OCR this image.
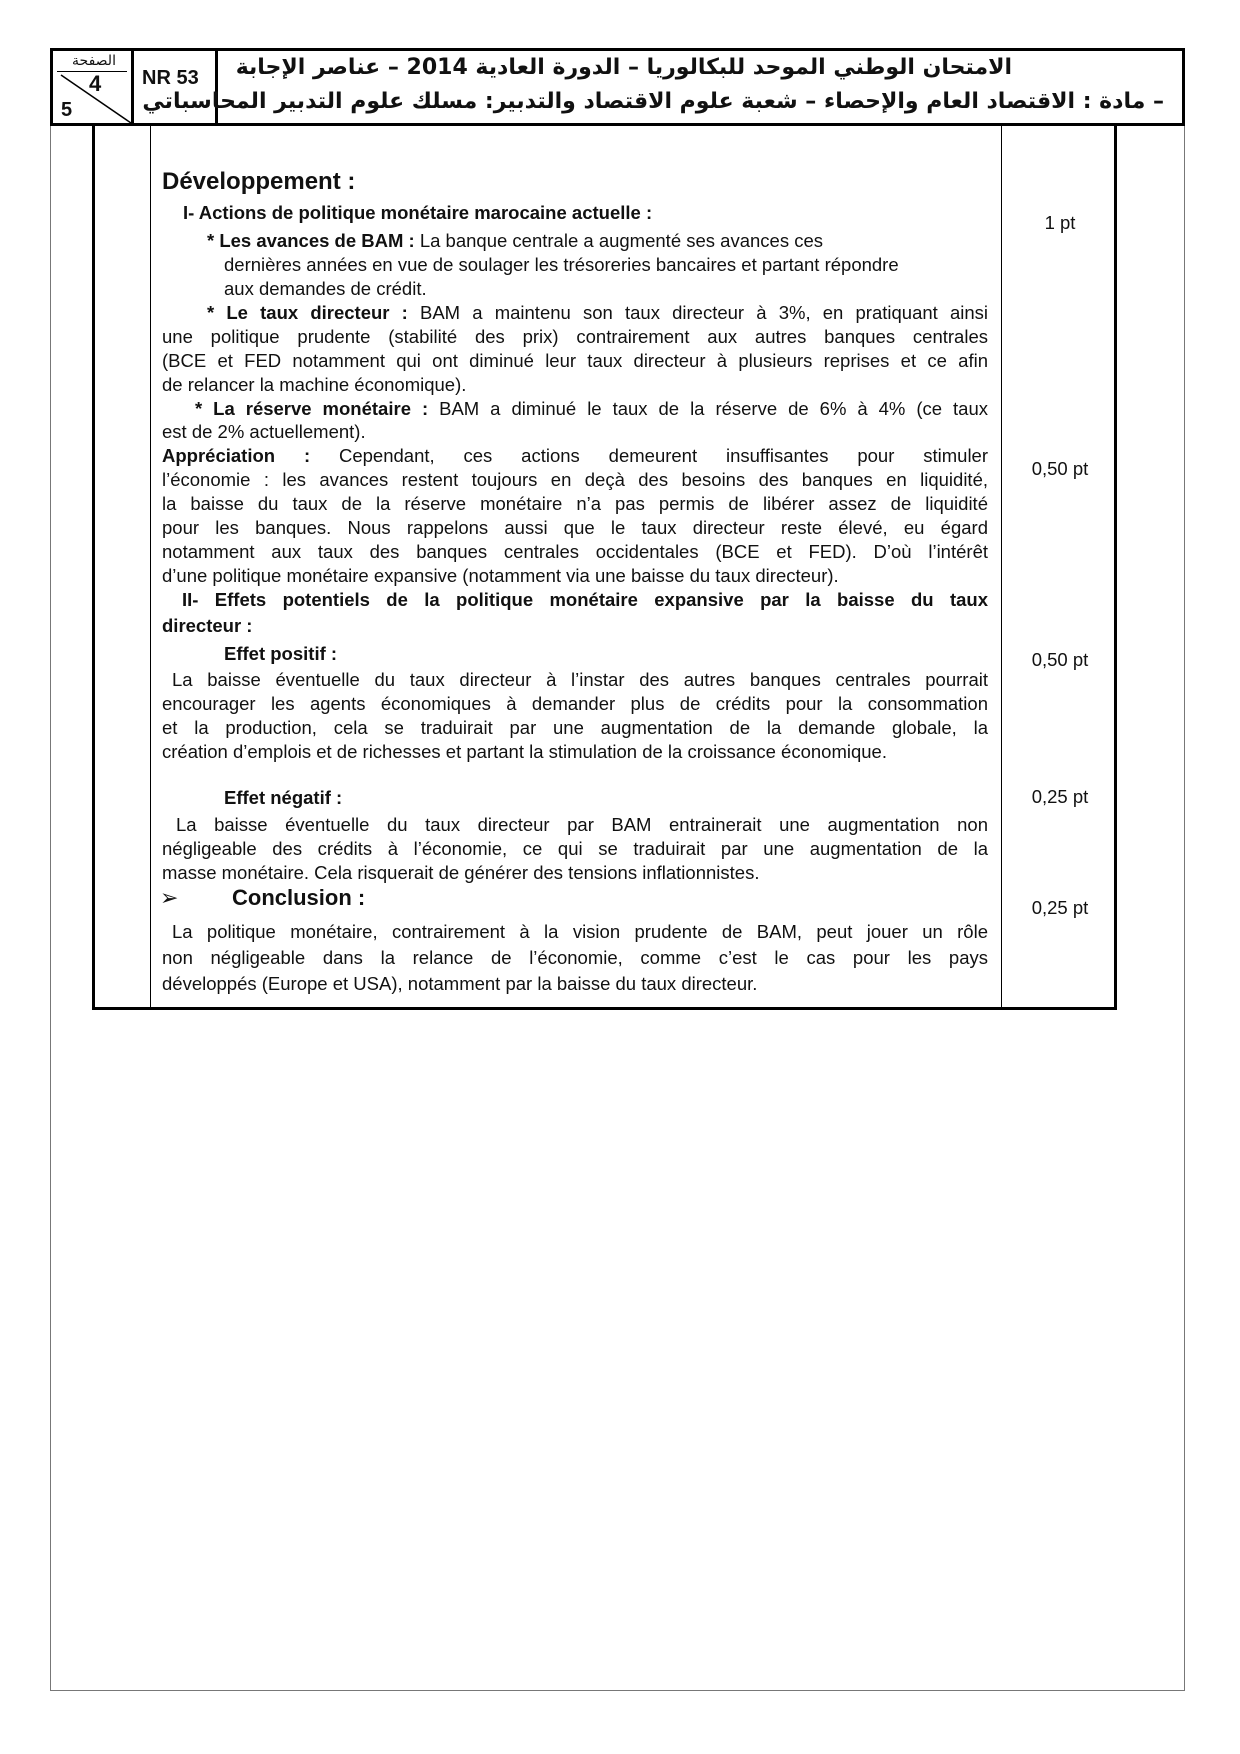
الصفحة
4
5
NR 53 الامتحان الوطني الموحد للبكالوريا – الدورة العادية 2014 – عناصر الإجابة
– مادة : الاقتصاد العام والإحصاء – شعبة علوم الاقتصاد والتدبير: مسلك علوم التدبير المحاسباتي
Développement :
I- Actions de politique monétaire marocaine actuelle :
* Les avances de BAM : La banque centrale a augmenté ses avances ces
dernières années en vue de soulager les trésoreries bancaires et partant répondre
aux demandes de crédit.
* Le taux directeur : BAM a maintenu son taux directeur à 3%, en pratiquant ainsi
une politique prudente (stabilité des prix) contrairement aux autres banques centrales
(BCE et FED notamment qui ont diminué leur taux directeur à plusieurs reprises et ce afin
de relancer la machine économique).
* La réserve monétaire : BAM a diminué le taux de la réserve de 6% à 4% (ce taux
est de 2% actuellement).
Appréciation : Cependant, ces actions demeurent insuffisantes pour stimuler
l’économie : les avances restent toujours en deçà des besoins des banques en liquidité,
la baisse du taux de la réserve monétaire n’a pas permis de libérer assez de liquidité
pour les banques. Nous rappelons aussi que le taux directeur reste élevé, eu égard
notamment aux taux des banques centrales occidentales (BCE et FED). D’où l’intérêt
d’une politique monétaire expansive (notamment via une baisse du taux directeur).
II- Effets potentiels de la politique monétaire expansive par la baisse du taux
directeur :
Effet positif :
La baisse éventuelle du taux directeur à l’instar des autres banques centrales pourrait
encourager les agents économiques à demander plus de crédits pour la consommation
et la production, cela se traduirait par une augmentation de la demande globale, la
création d’emplois et de richesses et partant la stimulation de la croissance économique.
Effet négatif :
La baisse éventuelle du taux directeur par BAM entrainerait une augmentation non
négligeable des crédits à l’économie, ce qui se traduirait par une augmentation de la
masse monétaire. Cela risquerait de générer des tensions inflationnistes.
➢ Conclusion :
La politique monétaire, contrairement à la vision prudente de BAM, peut jouer un rôle
non négligeable dans la relance de l’économie, comme c’est le cas pour les pays
développés (Europe et USA), notamment par la baisse du taux directeur.
1 pt
0,50 pt
0,50 pt
0,25 pt
0,25 pt
